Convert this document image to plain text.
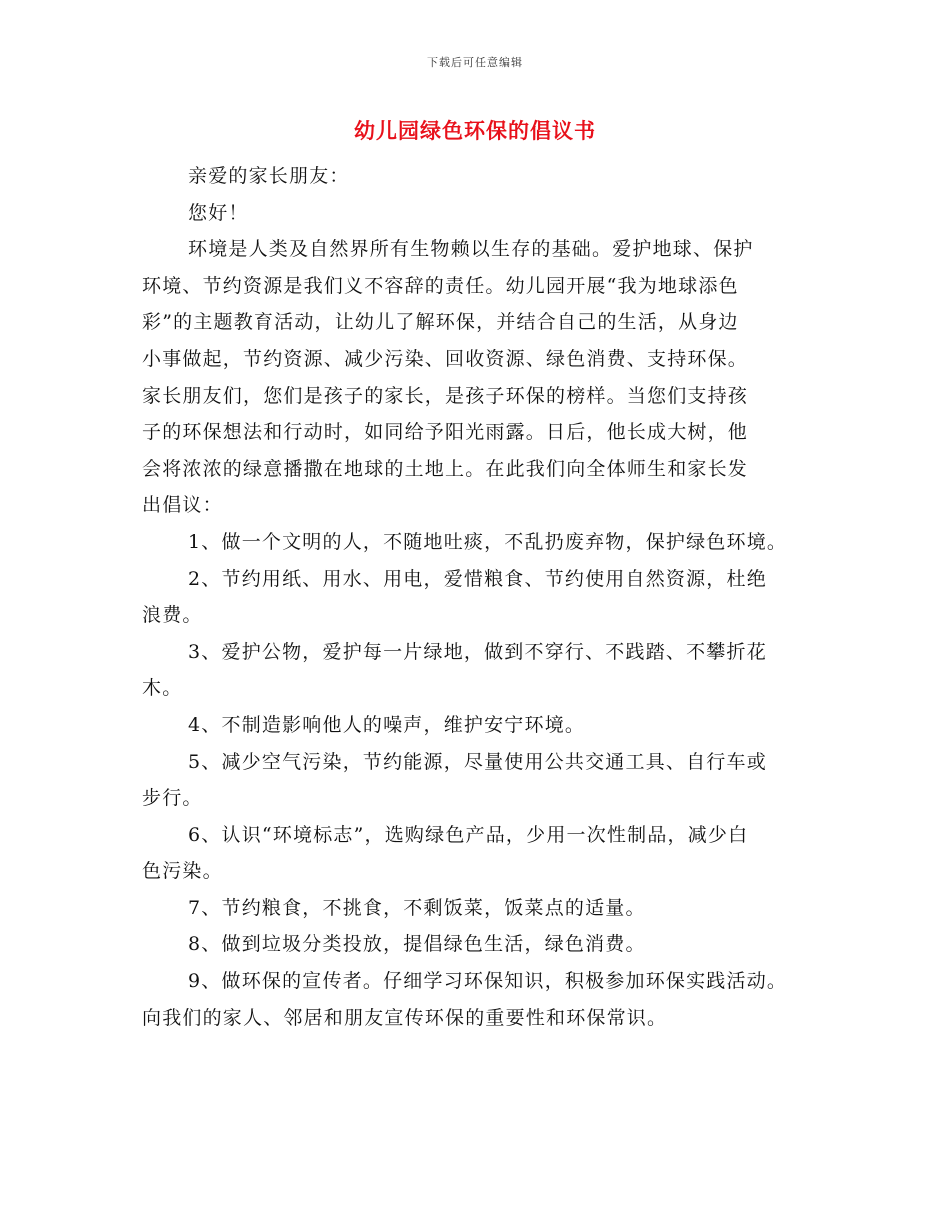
下载后可任意编辑
幼儿园绿色环保的倡议书

亲爱的家长朋友：

您好！

环境是人类及自然界所有生物赖以生存的基础。爱护地球、保护

环境、节约资源是我们义不容辞的责任。幼儿园开展“我为地球添色

彩”的主题教育活动，让幼儿了解环保，并结合自己的生活，从身边

小事做起，节约资源、减少污染、回收资源、绿色消费、支持环保。

家长朋友们，您们是孩子的家长，是孩子环保的榜样。当您们支持孩

子的环保想法和行动时，如同给予阳光雨露。日后，他长成大树，他

会将浓浓的绿意播撒在地球的土地上。在此我们向全体师生和家长发

出倡议：

1、做一个文明的人，不随地吐痰，不乱扔废弃物，保护绿色环境。

2、节约用纸、用水、用电，爱惜粮食、节约使用自然资源，杜绝

浪费。

3、爱护公物，爱护每一片绿地，做到不穿行、不践踏、不攀折花

木。

4、不制造影响他人的噪声，维护安宁环境。

5、减少空气污染，节约能源，尽量使用公共交通工具、自行车或

步行。

6、认识“环境标志”，选购绿色产品，少用一次性制品，减少白

色污染。

7、节约粮食，不挑食，不剩饭菜，饭菜点的适量。

8、做到垃圾分类投放，提倡绿色生活，绿色消费。

9、做环保的宣传者。仔细学习环保知识，积极参加环保实践活动。

向我们的家人、邻居和朋友宣传环保的重要性和环保常识。
